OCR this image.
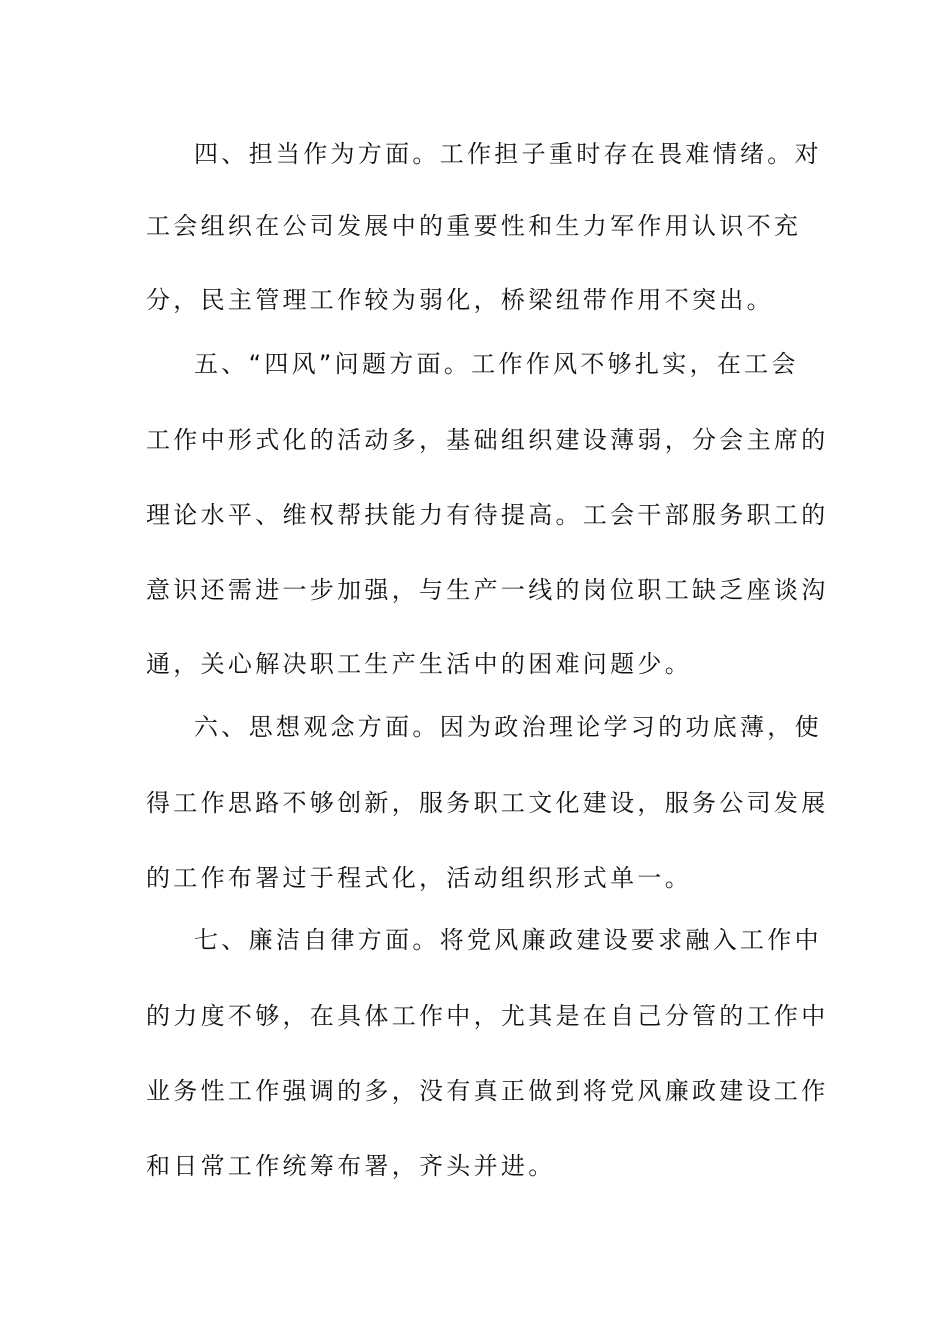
四、担当作为方面。工作担子重时存在畏难情绪。对
工会组织在公司发展中的重要性和生力军作用认识不充
分，民主管理工作较为弱化，桥梁纽带作用不突出。
五、“四风”问题方面。工作作风不够扎实，在工会
工作中形式化的活动多，基础组织建设薄弱，分会主席的
理论水平、维权帮扶能力有待提高。工会干部服务职工的
意识还需进一步加强，与生产一线的岗位职工缺乏座谈沟
通，关心解决职工生产生活中的困难问题少。
六、思想观念方面。因为政治理论学习的功底薄，使
得工作思路不够创新，服务职工文化建设，服务公司发展
的工作布署过于程式化，活动组织形式单一。
七、廉洁自律方面。将党风廉政建设要求融入工作中
的力度不够，在具体工作中，尤其是在自己分管的工作中
业务性工作强调的多，没有真正做到将党风廉政建设工作
和日常工作统筹布署，齐头并进。
